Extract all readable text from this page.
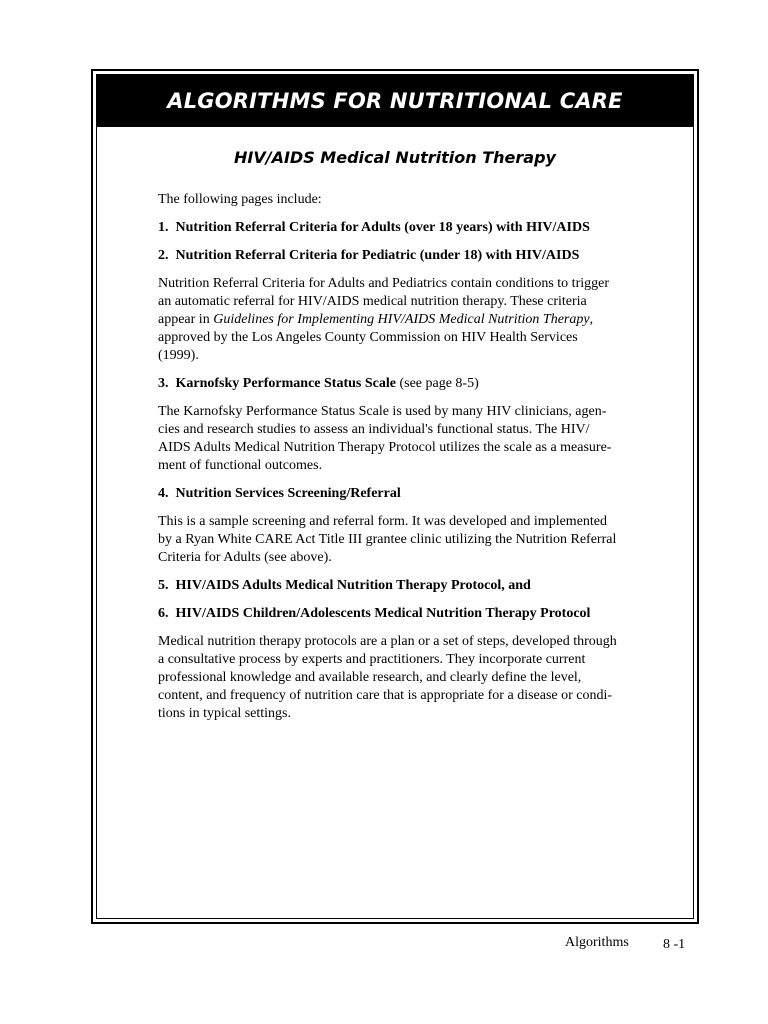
ALGORITHMS FOR NUTRITIONAL CARE
HIV/AIDS Medical Nutrition Therapy

The following pages include:

1. Nutrition Referral Criteria for Adults (over 18 years) with HIV/AIDS

2. Nutrition Referral Criteria for Pediatric (under 18) with HIV/AIDS

Nutrition Referral Criteria for Adults and Pediatrics contain conditions to trigger
an automatic referral for HIV/AIDS medical nutrition therapy. These criteria
appear in Guidelines for Implementing HIV/AIDS Medical Nutrition Therapy,
approved by the Los Angeles County Commission on HIV Health Services
(1999).

3. Karnofsky Performance Status Scale (see page 8-5)

The Karnofsky Performance Status Scale is used by many HIV clinicians, agen-
cies and research studies to assess an individual's functional status. The HIV/
AIDS Adults Medical Nutrition Therapy Protocol utilizes the scale as a measure-
ment of functional outcomes.

4. Nutrition Services Screening/Referral

This is a sample screening and referral form. It was developed and implemented
by a Ryan White CARE Act Title III grantee clinic utilizing the Nutrition Referral
Criteria for Adults (see above).

5. HIV/AIDS Adults Medical Nutrition Therapy Protocol, and

6. HIV/AIDS Children/Adolescents Medical Nutrition Therapy Protocol

Medical nutrition therapy protocols are a plan or a set of steps, developed through
a consultative process by experts and practitioners. They incorporate current
professional knowledge and available research, and clearly define the level,
content, and frequency of nutrition care that is appropriate for a disease or condi-
tions in typical settings.

Algorithms 8 -1
